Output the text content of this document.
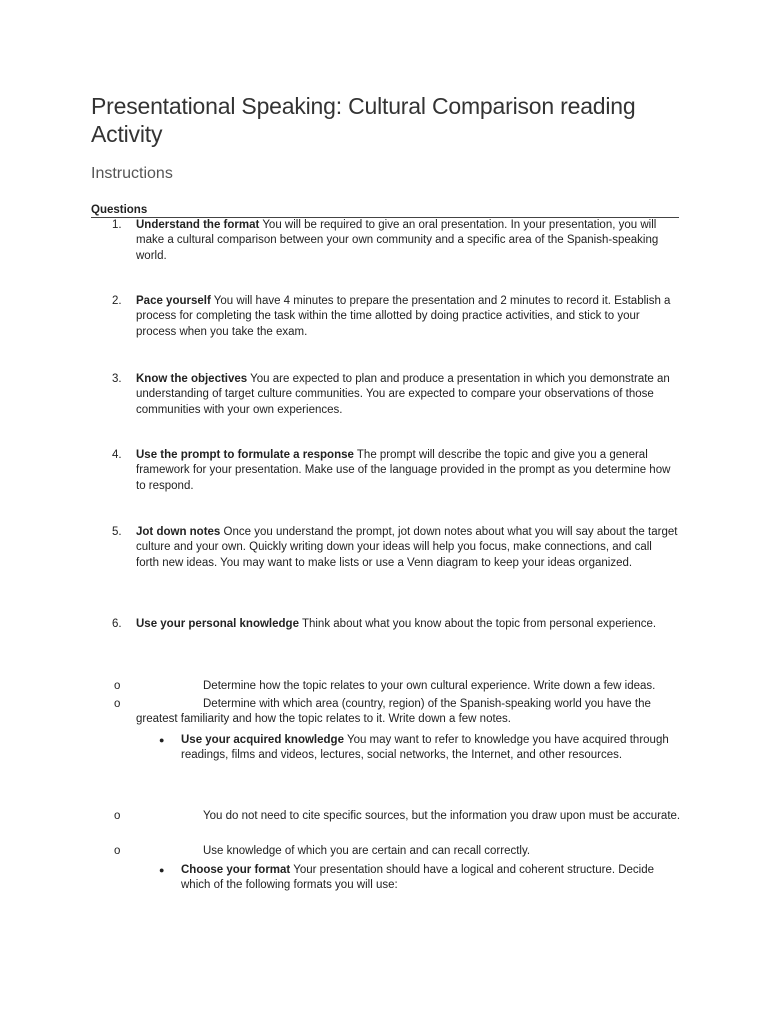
Presentational Speaking: Cultural Comparison reading Activity
Instructions
Questions
1. Understand the format You will be required to give an oral presentation. In your presentation, you will make a cultural comparison between your own community and a specific area of the Spanish-speaking world.
2. Pace yourself You will have 4 minutes to prepare the presentation and 2 minutes to record it. Establish a process for completing the task within the time allotted by doing practice activities, and stick to your process when you take the exam.
3. Know the objectives You are expected to plan and produce a presentation in which you demonstrate an understanding of target culture communities. You are expected to compare your observations of those communities with your own experiences.
4. Use the prompt to formulate a response The prompt will describe the topic and give you a general framework for your presentation. Make use of the language provided in the prompt as you determine how to respond.
5. Jot down notes Once you understand the prompt, jot down notes about what you will say about the target culture and your own. Quickly writing down your ideas will help you focus, make connections, and call forth new ideas. You may want to make lists or use a Venn diagram to keep your ideas organized.
6. Use your personal knowledge Think about what you know about the topic from personal experience.
o	Determine how the topic relates to your own cultural experience. Write down a few ideas.
o	Determine with which area (country, region) of the Spanish-speaking world you have the greatest familiarity and how the topic relates to it. Write down a few notes.
● Use your acquired knowledge You may want to refer to knowledge you have acquired through readings, films and videos, lectures, social networks, the Internet, and other resources.
o	You do not need to cite specific sources, but the information you draw upon must be accurate.
o	Use knowledge of which you are certain and can recall correctly.
● Choose your format Your presentation should have a logical and coherent structure. Decide which of the following formats you will use:
